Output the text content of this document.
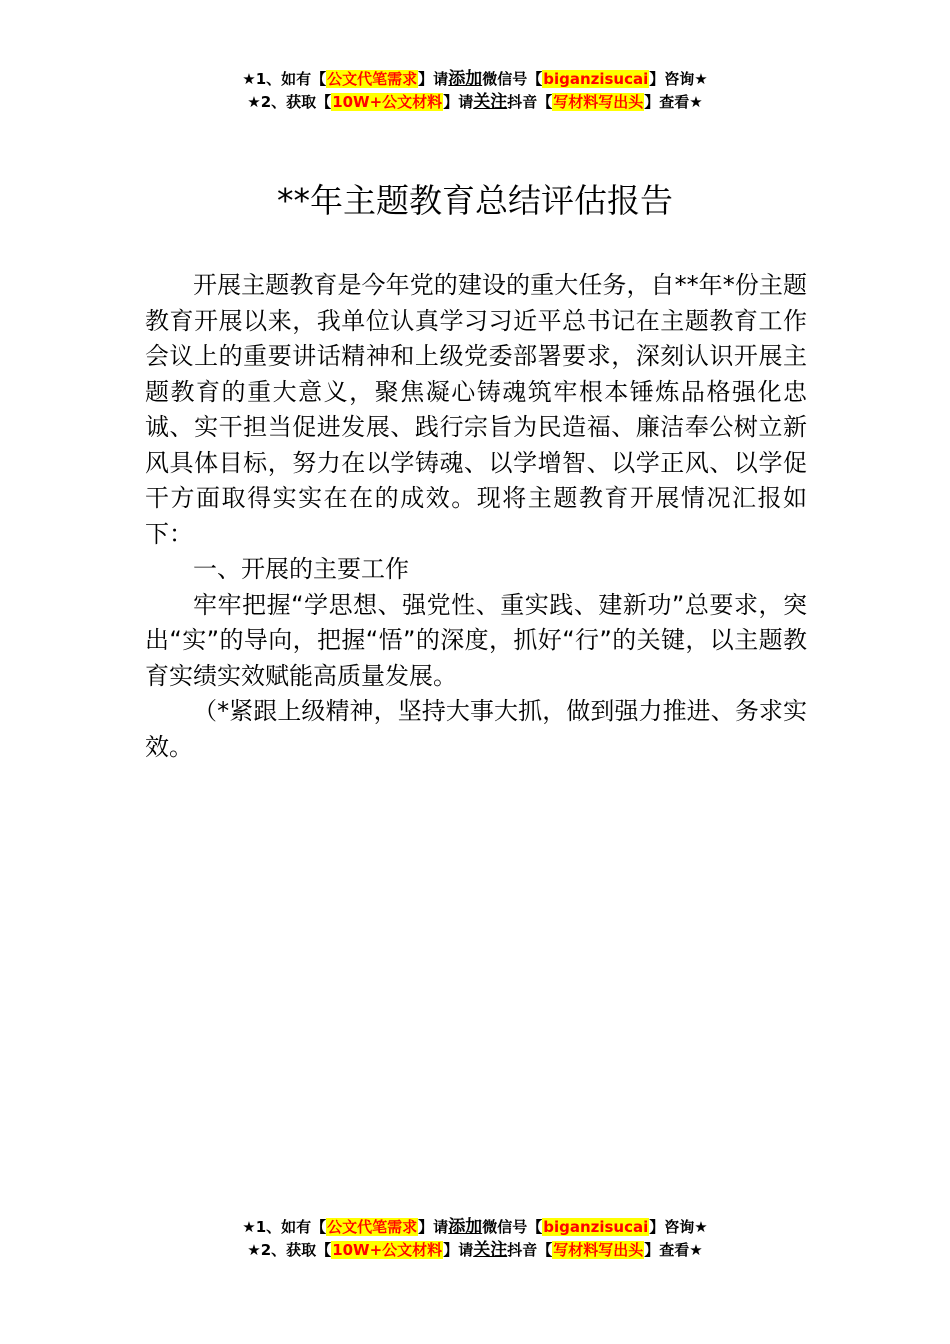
★1、如有【公文代笔需求】请添加微信号【biganzisucai】咨询★
★2、获取【10W+公文材料】请关注抖音【写材料写出头】查看★
**年主题教育总结评估报告

开展主题教育是今年党的建设的重大任务，自**年*份主题教育开展以来，我单位认真学习习近平总书记在主题教育工作会议上的重要讲话精神和上级党委部署要求，深刻认识开展主题教育的重大意义，聚焦凝心铸魂筑牢根本锤炼品格强化忠诚、实干担当促进发展、践行宗旨为民造福、廉洁奉公树立新风具体目标，努力在以学铸魂、以学增智、以学正风、以学促干方面取得实实在在的成效。现将主题教育开展情况汇报如下：

一、开展的主要工作

牢牢把握“学思想、强党性、重实践、建新功”总要求，突出“实”的导向，把握“悟”的深度，抓好“行”的关键，以主题教育实绩实效赋能高质量发展。

（*紧跟上级精神，坚持大事大抓，做到强力推进、务求实效。

★1、如有【公文代笔需求】请添加微信号【biganzisucai】咨询★
★2、获取【10W+公文材料】请关注抖音【写材料写出头】查看★
